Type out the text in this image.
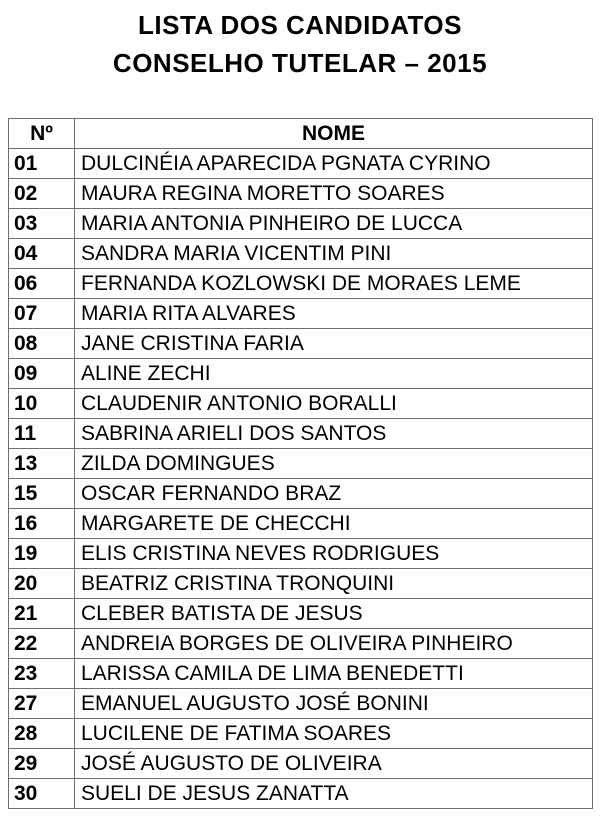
LISTA DOS CANDIDATOS
CONSELHO TUTELAR – 2015
Nº	NOME
01	DULCINÉIA APARECIDA PGNATA CYRINO
02	MAURA REGINA MORETTO SOARES
03	MARIA ANTONIA PINHEIRO DE LUCCA
04	SANDRA MARIA VICENTIM PINI
06	FERNANDA KOZLOWSKI DE MORAES LEME
07	MARIA RITA ALVARES
08	JANE CRISTINA FARIA
09	ALINE ZECHI
10	CLAUDENIR ANTONIO BORALLI
11	SABRINA ARIELI DOS SANTOS
13	ZILDA DOMINGUES
15	OSCAR FERNANDO BRAZ
16	MARGARETE DE CHECCHI
19	ELIS CRISTINA NEVES RODRIGUES
20	BEATRIZ CRISTINA TRONQUINI
21	CLEBER BATISTA DE JESUS
22	ANDREIA BORGES DE OLIVEIRA PINHEIRO
23	LARISSA CAMILA DE LIMA BENEDETTI
27	EMANUEL AUGUSTO JOSÉ BONINI
28	LUCILENE DE FATIMA SOARES
29	JOSÉ AUGUSTO DE OLIVEIRA
30	SUELI DE JESUS ZANATTA
